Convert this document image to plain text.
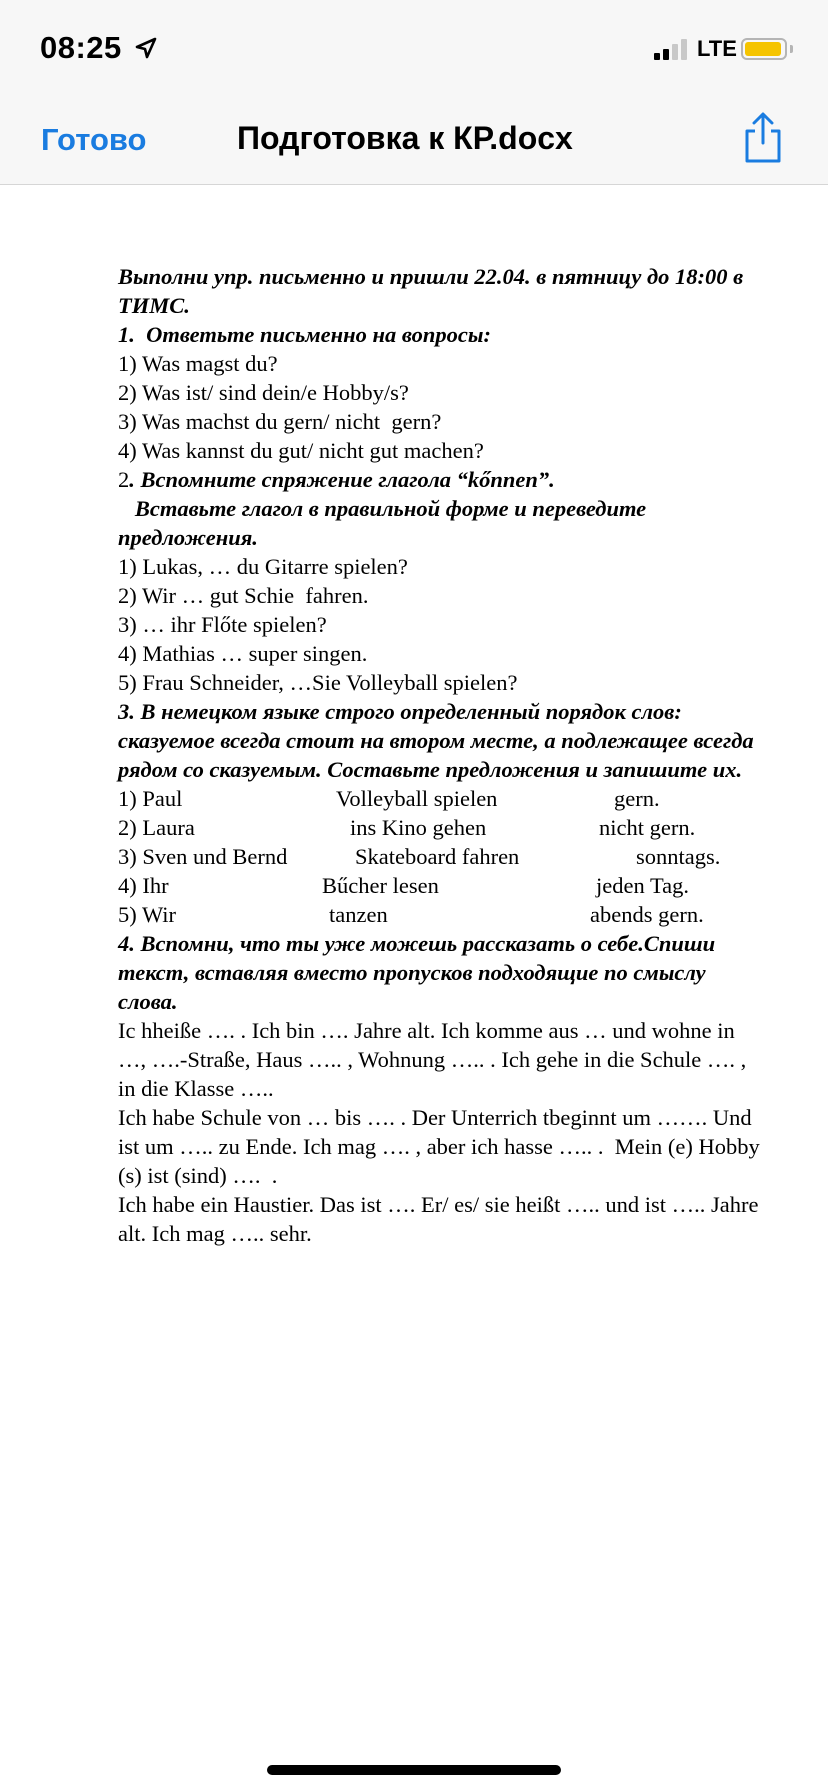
08:25	LTE
Готово	Подготовка к КР.docx

Выполни упр. письменно и пришли 22.04. в пятницу до 18:00 в ТИМС.

1.  Ответьте письменно на вопросы:

1) Was magst du?

2) Was ist/ sind dein/e Hobby/s?

3) Was machst du gern/ nicht  gern?

4) Was kannst du gut/ nicht gut machen?

2. Вспомните спряжение глагола “kőnnen”.

Вставьте глагол в правильной форме и переведите предложения.

1) Lukas, … du Gitarre spielen?

2) Wir … gut Schie  fahren.

3) … ihr Flőte spielen?

4) Mathias … super singen.

5) Frau Schneider, …Sie Volleyball spielen?

3. В немецком языке строго определенный порядок слов: сказуемое всегда стоит на втором месте, а подлежащее всегда рядом со сказуемым. Составьте предложения и запишите их.

1) Paul	Volleyball spielen	gern.
2) Laura	ins Kino gehen	nicht gern.
3) Sven und Bernd	Skateboard fahren	sonntags.
4) Ihr	Bűcher lesen	jeden Tag.
5) Wir	tanzen	abends gern.

4. Вспомни, что ты уже можешь рассказать о себе.Спиши текст, вставляя вместо пропусков подходящие по смыслу слова.

Ic hheiße …. . Ich bin …. Jahre alt. Ich komme aus … und wohne in …, ….-Straße, Haus ….. , Wohnung ….. . Ich gehe in die Schule …. , in die Klasse …..

Ich habe Schule von … bis …. . Der Unterrich tbeginnt um ……. Und ist um ….. zu Ende. Ich mag …. , aber ich hasse ….. .  Mein (e) Hobby (s) ist (sind) ….  .

Ich habe ein Haustier. Das ist …. Er/ es/ sie heißt ….. und ist ….. Jahre alt. Ich mag ….. sehr.
